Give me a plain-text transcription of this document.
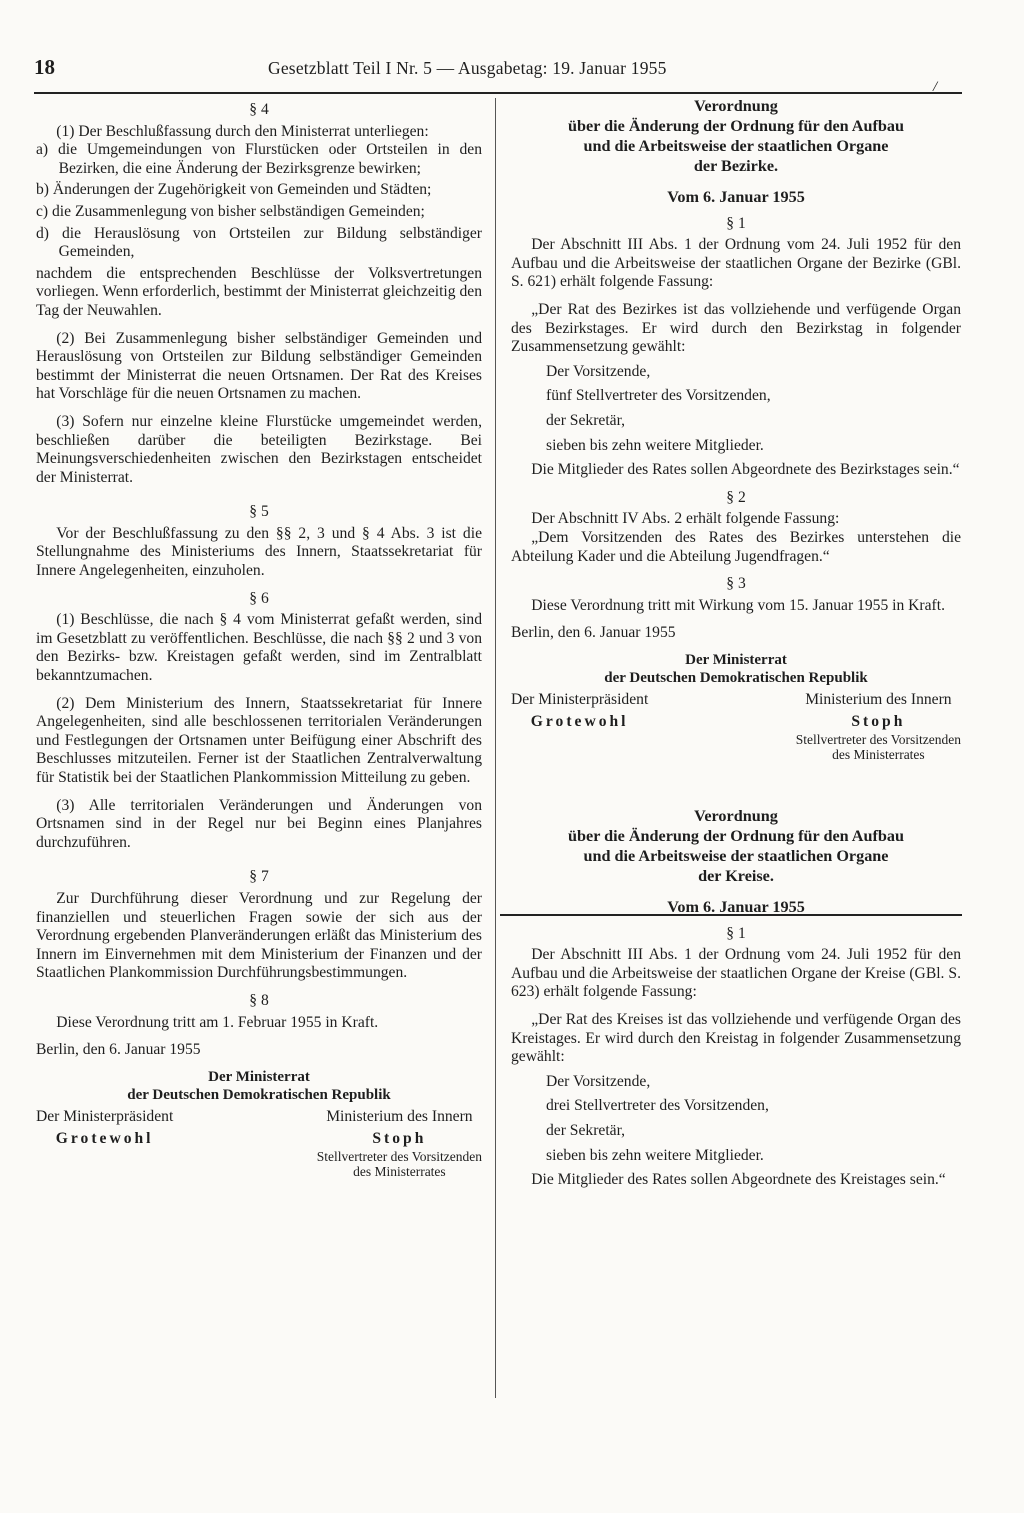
18	Gesetzblatt Teil I Nr. 5 — Ausgabetag: 19. Januar 1955
/
§ 4

(1) Der Beschlußfassung durch den Ministerrat unterliegen:

a) die Umgemeindungen von Flurstücken oder Ortsteilen in den Bezirken, die eine Änderung der Bezirksgrenze bewirken;

b) Änderungen der Zugehörigkeit von Gemeinden und Städten;

c) die Zusammenlegung von bisher selbständigen Gemeinden;

d) die Herauslösung von Ortsteilen zur Bildung selbständiger Gemeinden,

nachdem die entsprechenden Beschlüsse der Volksvertretungen vorliegen. Wenn erforderlich, bestimmt der Ministerrat gleichzeitig den Tag der Neuwahlen.

(2) Bei Zusammenlegung bisher selbständiger Gemeinden und Herauslösung von Ortsteilen zur Bildung selbständiger Gemeinden bestimmt der Ministerrat die neuen Ortsnamen. Der Rat des Kreises hat Vorschläge für die neuen Ortsnamen zu machen.

(3) Sofern nur einzelne kleine Flurstücke umgemeindet werden, beschließen darüber die beteiligten Bezirkstage. Bei Meinungsverschiedenheiten zwischen den Bezirkstagen entscheidet der Ministerrat.

§ 5

Vor der Beschlußfassung zu den §§ 2, 3 und § 4 Abs. 3 ist die Stellungnahme des Ministeriums des Innern, Staatssekretariat für Innere Angelegenheiten, einzuholen.

§ 6

(1) Beschlüsse, die nach § 4 vom Ministerrat gefaßt werden, sind im Gesetzblatt zu veröffentlichen. Beschlüsse, die nach §§ 2 und 3 von den Bezirks- bzw. Kreistagen gefaßt werden, sind im Zentralblatt bekanntzumachen.

(2) Dem Ministerium des Innern, Staatssekretariat für Innere Angelegenheiten, sind alle beschlossenen territorialen Veränderungen und Festlegungen der Ortsnamen unter Beifügung einer Abschrift des Beschlusses mitzuteilen. Ferner ist der Staatlichen Zentralverwaltung für Statistik bei der Staatlichen Plankommission Mitteilung zu geben.

(3) Alle territorialen Veränderungen und Änderungen von Ortsnamen sind in der Regel nur bei Beginn eines Planjahres durchzuführen.

§ 7

Zur Durchführung dieser Verordnung und zur Regelung der finanziellen und steuerlichen Fragen sowie der sich aus der Verordnung ergebenden Planveränderungen erläßt das Ministerium des Innern im Einvernehmen mit dem Ministerium der Finanzen und der Staatlichen Plankommission Durchführungsbestimmungen.

§ 8

Diese Verordnung tritt am 1. Februar 1955 in Kraft.

Berlin, den 6. Januar 1955

Der Ministerrat
der Deutschen Demokratischen Republik
Der Ministerpräsident
Grotewohl
Ministerium des Innern
Stoph
Stellvertreter des Vorsitzenden
des Ministerrates
Verordnung
über die Änderung der Ordnung für den Aufbau
und die Arbeitsweise der staatlichen Organe
der Bezirke.
Vom 6. Januar 1955
§ 1

Der Abschnitt III Abs. 1 der Ordnung vom 24. Juli 1952 für den Aufbau und die Arbeitsweise der staatlichen Organe der Bezirke (GBl. S. 621) erhält folgende Fassung:

„Der Rat des Bezirkes ist das vollziehende und verfügende Organ des Bezirkstages. Er wird durch den Bezirkstag in folgender Zusammensetzung gewählt:

Der Vorsitzende,

fünf Stellvertreter des Vorsitzenden,

der Sekretär,

sieben bis zehn weitere Mitglieder.

Die Mitglieder des Rates sollen Abgeordnete des Bezirkstages sein.“

§ 2

Der Abschnitt IV Abs. 2 erhält folgende Fassung:

„Dem Vorsitzenden des Rates des Bezirkes unterstehen die Abteilung Kader und die Abteilung Jugendfragen.“

§ 3

Diese Verordnung tritt mit Wirkung vom 15. Januar 1955 in Kraft.

Berlin, den 6. Januar 1955

Der Ministerrat
der Deutschen Demokratischen Republik
Der Ministerpräsident
Grotewohl
Ministerium des Innern
Stoph
Stellvertreter des Vorsitzenden
des Ministerrates
Verordnung
über die Änderung der Ordnung für den Aufbau
und die Arbeitsweise der staatlichen Organe
der Kreise.
Vom 6. Januar 1955
§ 1

Der Abschnitt III Abs. 1 der Ordnung vom 24. Juli 1952 für den Aufbau und die Arbeitsweise der staatlichen Organe der Kreise (GBl. S. 623) erhält folgende Fassung:

„Der Rat des Kreises ist das vollziehende und verfügende Organ des Kreistages. Er wird durch den Kreistag in folgender Zusammensetzung gewählt:

Der Vorsitzende,

drei Stellvertreter des Vorsitzenden,

der Sekretär,

sieben bis zehn weitere Mitglieder.

Die Mitglieder des Rates sollen Abgeordnete des Kreistages sein.“
